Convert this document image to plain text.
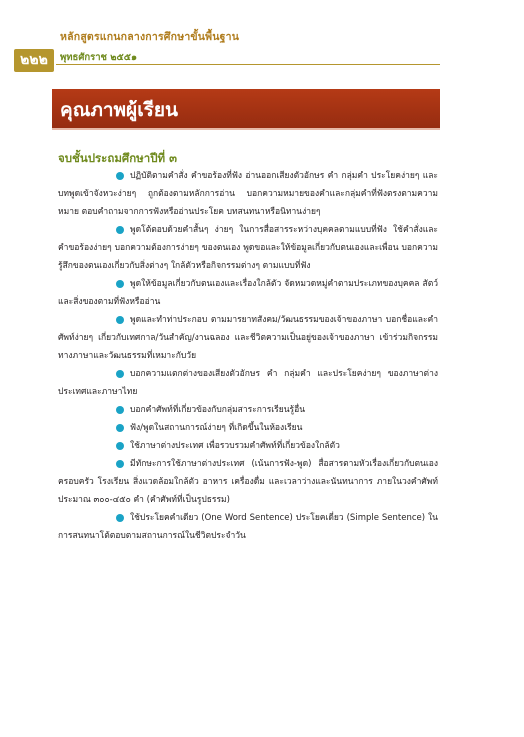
หลักสูตรแกนกลางการศึกษาขั้นพื้นฐาน
๒๒๒	พุทธศักราช ๒๕๕๑
คุณภาพผู้เรียน
จบชั้นประถมศึกษาปีที่ ๓

ปฏิบัติตามคำสั่ง คำขอร้องที่ฟัง อ่านออกเสียงตัวอักษร คำ กลุ่มคำ ประโยคง่ายๆ และบทพูดเข้าจังหวะง่ายๆ ถูกต้องตามหลักการอ่าน บอกความหมายของคำและกลุ่มคำที่ฟังตรงตามความหมาย ตอบคำถามจากการฟังหรืออ่านประโยค บทสนทนาหรือนิทานง่ายๆ

พูดโต้ตอบด้วยคำสั้นๆ ง่ายๆ ในการสื่อสารระหว่างบุคคลตามแบบที่ฟัง ใช้คำสั่งและคำขอร้องง่ายๆ บอกความต้องการง่ายๆ ของตนเอง พูดขอและให้ข้อมูลเกี่ยวกับตนเองและเพื่อน บอกความรู้สึกของตนเองเกี่ยวกับสิ่งต่างๆ ใกล้ตัวหรือกิจกรรมต่างๆ ตามแบบที่ฟัง

พูดให้ข้อมูลเกี่ยวกับตนเองและเรื่องใกล้ตัว จัดหมวดหมู่คำตามประเภทของบุคคล สัตว์ และสิ่งของตามที่ฟังหรืออ่าน

พูดและทำท่าประกอบ ตามมารยาทสังคม/วัฒนธรรมของเจ้าของภาษา บอกชื่อและคำศัพท์ง่ายๆ เกี่ยวกับเทศกาล/วันสำคัญ/งานฉลอง และชีวิตความเป็นอยู่ของเจ้าของภาษา เข้าร่วมกิจกรรมทางภาษาและวัฒนธรรมที่เหมาะกับวัย

บอกความแตกต่างของเสียงตัวอักษร คำ กลุ่มคำ และประโยคง่ายๆ ของภาษาต่างประเทศและภาษาไทย

บอกคำศัพท์ที่เกี่ยวข้องกับกลุ่มสาระการเรียนรู้อื่น

ฟัง/พูดในสถานการณ์ง่ายๆ ที่เกิดขึ้นในห้องเรียน

ใช้ภาษาต่างประเทศ เพื่อรวบรวมคำศัพท์ที่เกี่ยวข้องใกล้ตัว

มีทักษะการใช้ภาษาต่างประเทศ (เน้นการฟัง-พูด) สื่อสารตามหัวเรื่องเกี่ยวกับตนเอง ครอบครัว โรงเรียน สิ่งแวดล้อมใกล้ตัว อาหาร เครื่องดื่ม และเวลาว่างและนันทนาการ ภายในวงคำศัพท์ประมาณ ๓๐๐-๔๕๐ คำ (คำศัพท์ที่เป็นรูปธรรม)

ใช้ประโยคคำเดียว (One Word Sentence) ประโยคเดี่ยว (Simple Sentence) ในการสนทนาโต้ตอบตามสถานการณ์ในชีวิตประจำวัน
